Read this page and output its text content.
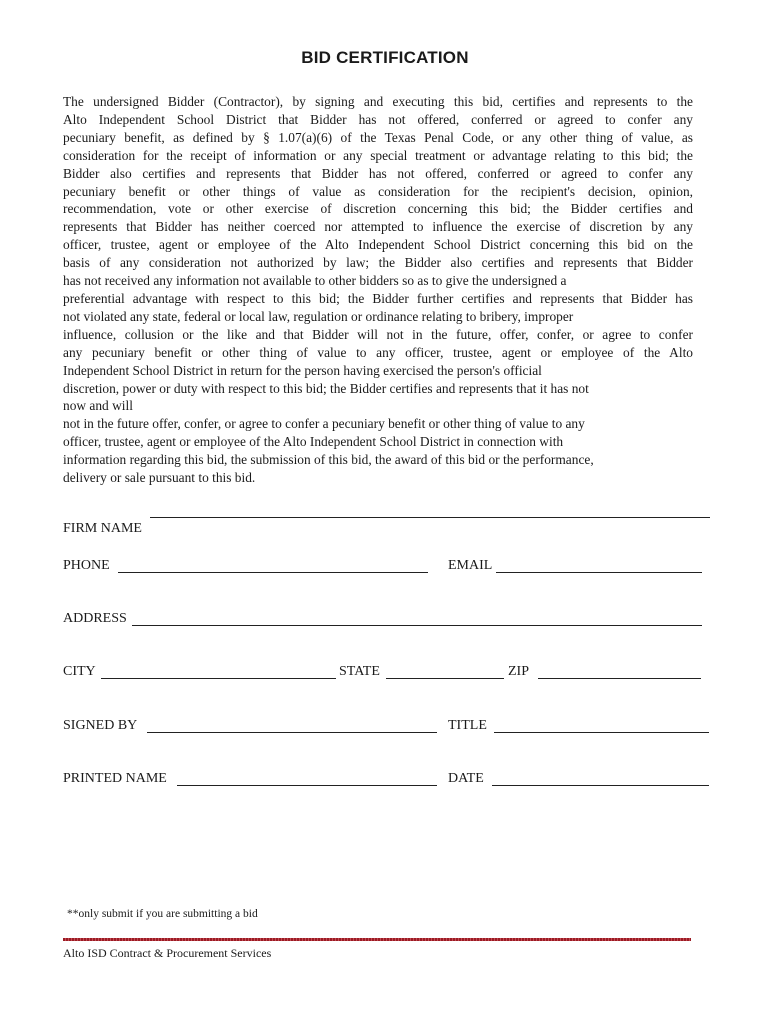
BID CERTIFICATION
The undersigned Bidder (Contractor), by signing and executing this bid, certifies and represents to the
Alto Independent School District that Bidder has not offered, conferred or agreed to confer any
pecuniary benefit, as defined by § 1.07(a)(6) of the Texas Penal Code, or any other thing of value, as
consideration for the receipt of information or any special treatment or advantage relating to this bid; the
Bidder also certifies and represents that Bidder has not offered, conferred or agreed to confer any
pecuniary benefit or other things of value as consideration for the recipient's decision, opinion,
recommendation, vote or other exercise of discretion concerning this bid; the Bidder certifies and
represents that Bidder has neither coerced nor attempted to influence the exercise of discretion by any
officer, trustee, agent or employee of the Alto Independent School District concerning this bid on the
basis of any consideration not authorized by law; the Bidder also certifies and represents that Bidder
has not received any information not available to other bidders so as to give the undersigned a
preferential advantage with respect to this bid; the Bidder further certifies and represents that Bidder has
not violated any state, federal or local law, regulation or ordinance relating to bribery, improper
influence, collusion or the like and that Bidder will not in the future, offer, confer, or agree to confer
any pecuniary benefit or other thing of value to any officer, trustee, agent or employee of the Alto
Independent School District in return for the person having exercised the person's official
discretion, power or duty with respect to this bid; the Bidder certifies and represents that it has not
now and will
not in the future offer, confer, or agree to confer a pecuniary benefit or other thing of value to any
officer, trustee, agent or employee of the Alto Independent School District in connection with
information regarding this bid, the submission of this bid, the award of this bid or the performance,
delivery or sale pursuant to this bid.
FIRM NAME
PHONE	EMAIL
ADDRESS
CITY	STATE	ZIP
SIGNED BY	TITLE
PRINTED NAME	DATE
**only submit if you are submitting a bid
Alto ISD Contract & Procurement Services
